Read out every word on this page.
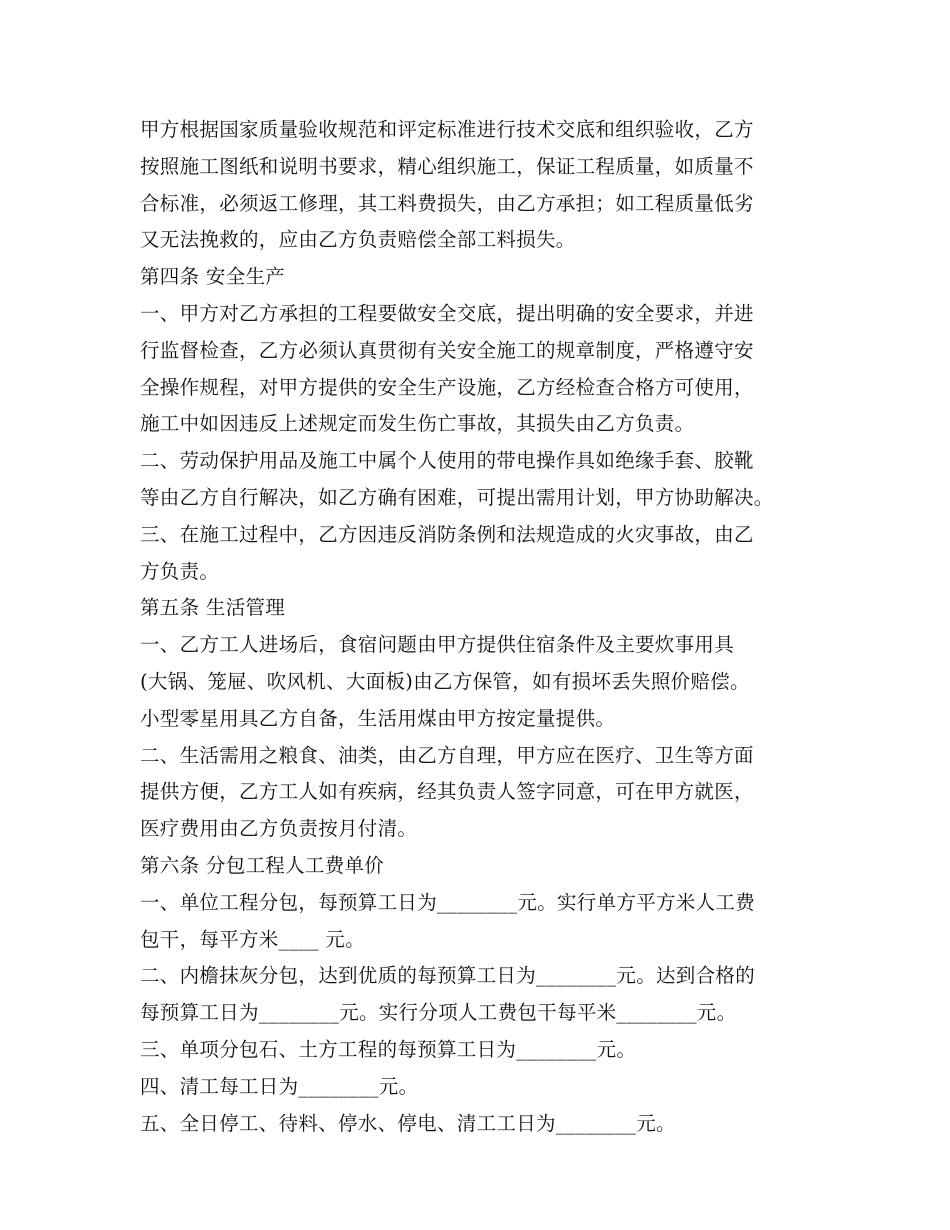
甲方根据国家质量验收规范和评定标准进行技术交底和组织验收，乙方
按照施工图纸和说明书要求，精心组织施工，保证工程质量，如质量不
合标准，必须返工修理，其工料费损失，由乙方承担；如工程质量低劣
又无法挽救的，应由乙方负责赔偿全部工料损失。
第四条 安全生产
一、甲方对乙方承担的工程要做安全交底，提出明确的安全要求，并进
行监督检查，乙方必须认真贯彻有关安全施工的规章制度，严格遵守安
全操作规程，对甲方提供的安全生产设施，乙方经检查合格方可使用，
施工中如因违反上述规定而发生伤亡事故，其损失由乙方负责。
二、劳动保护用品及施工中属个人使用的带电操作具如绝缘手套、胶靴
等由乙方自行解决，如乙方确有困难，可提出需用计划，甲方协助解决。
三、在施工过程中，乙方因违反消防条例和法规造成的火灾事故，由乙
方负责。
第五条 生活管理
一、乙方工人进场后，食宿问题由甲方提供住宿条件及主要炊事用具
(大锅、笼屉、吹风机、大面板)由乙方保管，如有损坏丢失照价赔偿。
小型零星用具乙方自备，生活用煤由甲方按定量提供。
二、生活需用之粮食、油类，由乙方自理，甲方应在医疗、卫生等方面
提供方便，乙方工人如有疾病，经其负责人签字同意，可在甲方就医，
医疗费用由乙方负责按月付清。
第六条 分包工程人工费单价
一、单位工程分包，每预算工日为________元。实行单方平方米人工费
包干，每平方米____ 元。
二、内檐抹灰分包，达到优质的每预算工日为________元。达到合格的
每预算工日为________元。实行分项人工费包干每平米________元。
三、单项分包石、土方工程的每预算工日为________元。
四、清工每工日为________元。
五、全日停工、待料、停水、停电、清工工日为________元。
